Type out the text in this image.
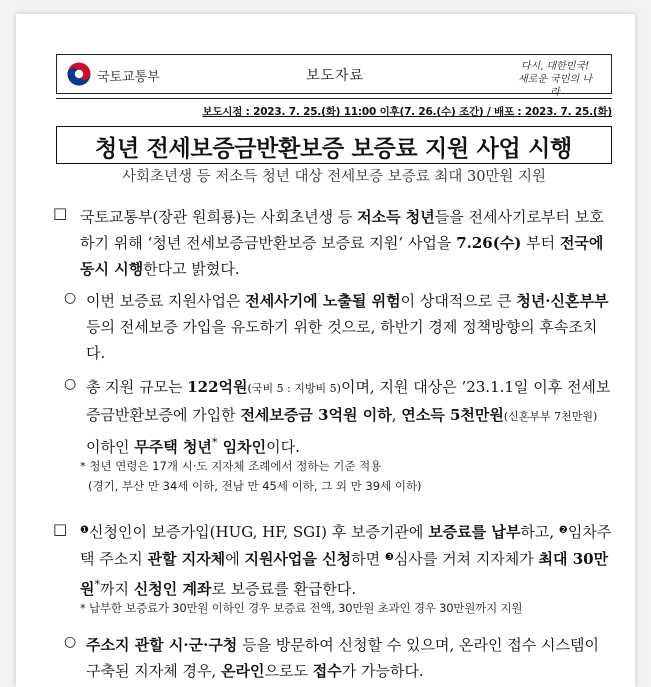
국토교통부	보도자료
다시, 대한민국!
새로운 국민의 나라
보도시점 : 2023. 7. 25.(화) 11:00 이후(7. 26.(수) 조간) / 배포 : 2023. 7. 25.(화)
청년 전세보증금반환보증 보증료 지원 사업 시행
사회초년생 등 저소득 청년 대상 전세보증 보증료 최대 30만원 지원
□ 국토교통부(장관 원희룡)는 사회초년생 등 저소득 청년들을 전세사기로부터 보호하기 위해 ‘청년 전세보증금반환보증 보증료 지원’ 사업을 7.26(수) 부터 전국에 동시 시행한다고 밝혔다.

○ 이번 보증료 지원사업은 전세사기에 노출될 위험이 상대적으로 큰 청년·신혼부부 등의 전세보증 가입을 유도하기 위한 것으로, 하반기 경제 정책방향의 후속조치다.

○ 총 지원 규모는 122억원(국비 5 : 지방비 5)이며, 지원 대상은 ’23.1.1일 이후 전세보증금반환보증에 가입한 전세보증금 3억원 이하, 연소득 5천만원(신혼부부 7천만원) 이하인 무주택 청년* 임차인이다.

* 청년 연령은 17개 시·도 지자체 조례에서 정하는 기준 적용
(경기, 부산 만 34세 이하, 전남 만 45세 이하, 그 외 만 39세 이하)
□ $^❶$신청인이 보증가입(HUG, HF, SGI) 후 보증기관에 보증료를 납부하고, $^❷$임차주택 주소지 관할 지자체에 지원사업을 신청하면 $^❸$심사를 거쳐 지자체가 최대 30만원*까지 신청인 계좌로 보증료를 환급한다.

* 납부한 보증료가 30만원 이하인 경우 보증료 전액, 30만원 초과인 경우 30만원까지 지원
○ 주소지 관할 시·군·구청 등을 방문하여 신청할 수 있으며, 온라인 접수 시스템이 구축된 지자체 경우, 온라인으로도 접수가 가능하다.
